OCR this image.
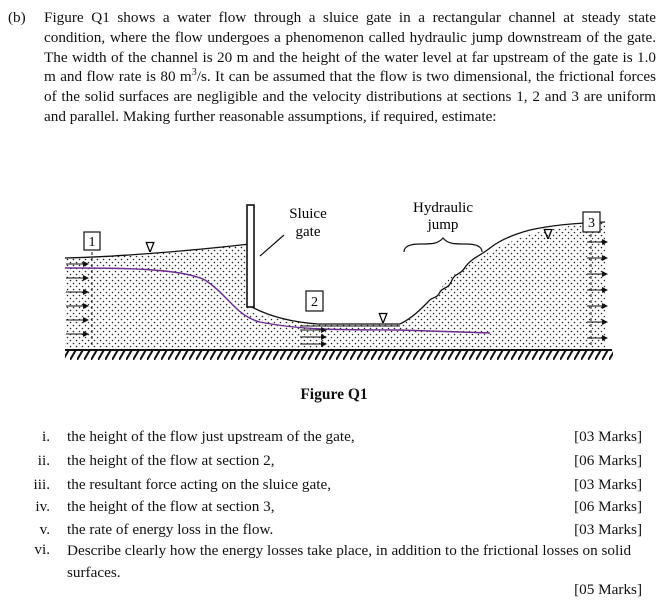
(b) Figure Q1 shows a water flow through a sluice gate in a rectangular channel at steady state condition, where the flow undergoes a phenomenon called hydraulic jump downstream of the gate. The width of the channel is 20 m and the height of the water level at far upstream of the gate is 1.0 m and flow rate is 80 $m^3/s$. It can be assumed that the flow is two dimensional, the frictional forces of the solid surfaces are negligible and the velocity distributions at sections 1, 2 and 3 are uniform and parallel. Making further reasonable assumptions, if required, estimate:
Sluice
gate
Hydraulic
jump
1
2
3
∇
∇
∇
Figure Q1
i. the height of the flow just upstream of the gate,	[03 Marks]
ii. the height of the flow at section 2,	[06 Marks]
iii. the resultant force acting on the sluice gate,	[03 Marks]
iv. the height of the flow at section 3,	[06 Marks]
v. the rate of energy loss in the flow.	[03 Marks]
vi. Describe clearly how the energy losses take place, in addition to the frictional losses on solid surfaces.
[05 Marks]
